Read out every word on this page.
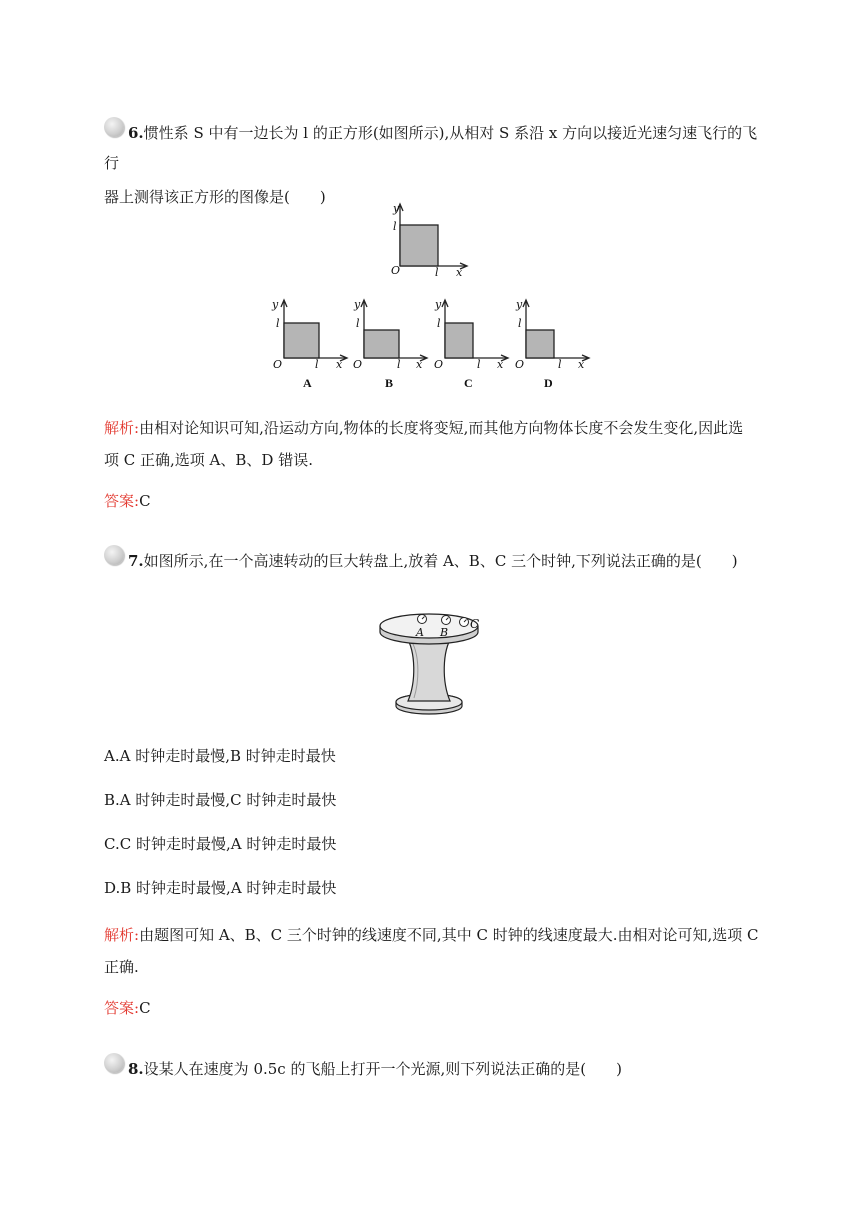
6.惯性系 S 中有一边长为 l 的正方形(如图所示),从相对 S 系沿 x 方向以接近光速匀速飞行的飞行
器上测得该正方形的图像是(　　)
y
l
O	l x
y
l
O	l x
A
y
l
O	l x
B
y
l
O	l x
C
y
l
O	l x
D
解析:由相对论知识可知,沿运动方向,物体的长度将变短,而其他方向物体长度不会发生变化,因此选
项 C 正确,选项 A、B、D 错误.
答案:C
7.如图所示,在一个高速转动的巨大转盘上,放着 A、B、C 三个时钟,下列说法正确的是(　　)
A B
C
A.A 时钟走时最慢,B 时钟走时最快
B.A 时钟走时最慢,C 时钟走时最快
C.C 时钟走时最慢,A 时钟走时最快
D.B 时钟走时最慢,A 时钟走时最快
解析:由题图可知 A、B、C 三个时钟的线速度不同,其中 C 时钟的线速度最大.由相对论可知,选项 C
正确.
答案:C
8.设某人在速度为 0.5c 的飞船上打开一个光源,则下列说法正确的是(　　)
